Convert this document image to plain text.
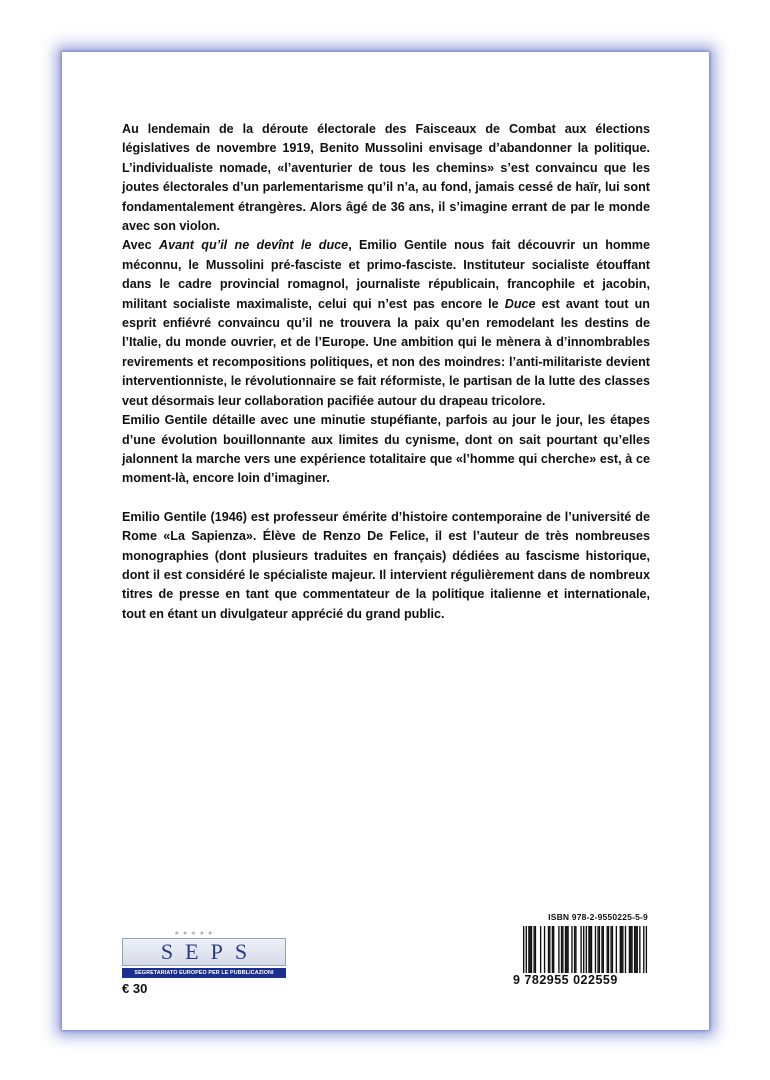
Au lendemain de la déroute électorale des Faisceaux de Combat aux élections législatives de novembre 1919, Benito Mussolini envisage d’abandonner la politique. L’individualiste nomade, «l’aventurier de tous les chemins» s’est convaincu que les joutes électorales d’un parlementarisme qu’il n’a, au fond, jamais cessé de haïr, lui sont fondamentalement étrangères. Alors âgé de 36 ans, il s’imagine errant de par le monde avec son violon.

Avec Avant qu’il ne devînt le duce, Emilio Gentile nous fait découvrir un homme méconnu, le Mussolini pré-fasciste et primo-fasciste. Instituteur socialiste étouffant dans le cadre provincial romagnol, journaliste républicain, francophile et jacobin, militant socialiste maximaliste, celui qui n’est pas encore le Duce est avant tout un esprit enfiévré convaincu qu’il ne trouvera la paix qu’en remodelant les destins de l’Italie, du monde ouvrier, et de l’Europe. Une ambition qui le mènera à d’innombrables revirements et recompositions politiques, et non des moindres: l’anti-militariste devient interventionniste, le révolutionnaire se fait réformiste, le partisan de la lutte des classes veut désormais leur collaboration pacifiée autour du drapeau tricolore.

Emilio Gentile détaille avec une minutie stupéfiante, parfois au jour le jour, les étapes d’une évolution bouillonnante aux limites du cynisme, dont on sait pourtant qu’elles jalonnent la marche vers une expérience totalitaire que «l’homme qui cherche» est, à ce moment-là, encore loin d’imaginer.

Emilio Gentile (1946) est professeur émérite d’histoire contemporaine de l’université de Rome «La Sapienza». Élève de Renzo De Felice, il est l’auteur de très nombreuses monographies (dont plusieurs traduites en français) dédiées au fascisme historique, dont il est considéré le spécialiste majeur. Il intervient régulièrement dans de nombreux titres de presse en tant que commentateur de la politique italienne et internationale, tout en étant un divulgateur apprécié du grand public.

★★★★★
SEPS
SEGRETARIATO EUROPEO PER LE PUBBLICAZIONI SCIENTIFICHE
€ 30
ISBN 978-2-9550225-5-9
9 782955 022559
